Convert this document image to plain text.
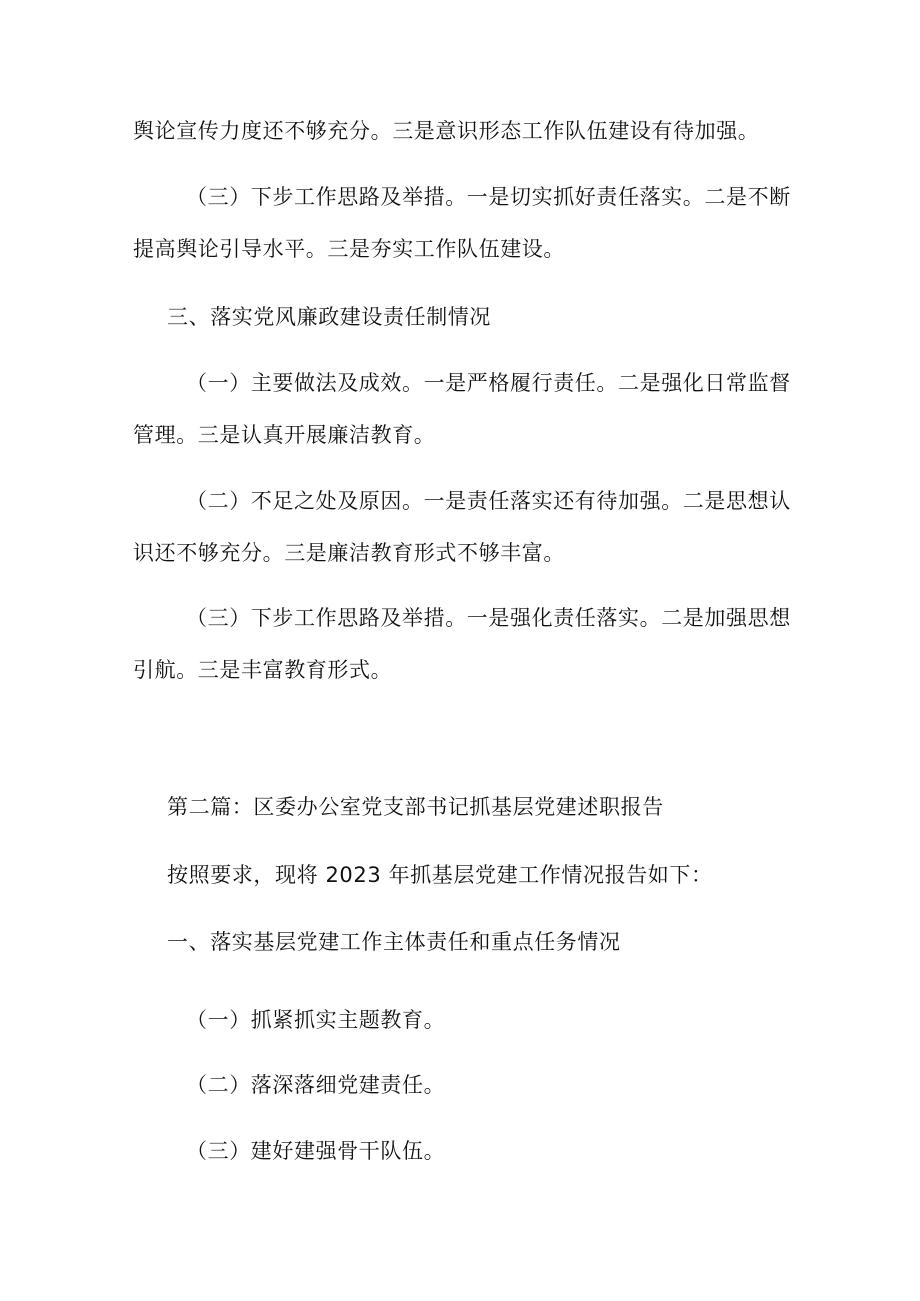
舆论宣传力度还不够充分。三是意识形态工作队伍建设有待加强。
（三）下步工作思路及举措。一是切实抓好责任落实。二是不断
提高舆论引导水平。三是夯实工作队伍建设。
三、落实党风廉政建设责任制情况
（一）主要做法及成效。一是严格履行责任。二是强化日常监督
管理。三是认真开展廉洁教育。
（二）不足之处及原因。一是责任落实还有待加强。二是思想认
识还不够充分。三是廉洁教育形式不够丰富。
（三）下步工作思路及举措。一是强化责任落实。二是加强思想
引航。三是丰富教育形式。
第二篇：区委办公室党支部书记抓基层党建述职报告
按照要求，现将 2023 年抓基层党建工作情况报告如下：
一、落实基层党建工作主体责任和重点任务情况
（一）抓紧抓实主题教育。
（二）落深落细党建责任。
（三）建好建强骨干队伍。
